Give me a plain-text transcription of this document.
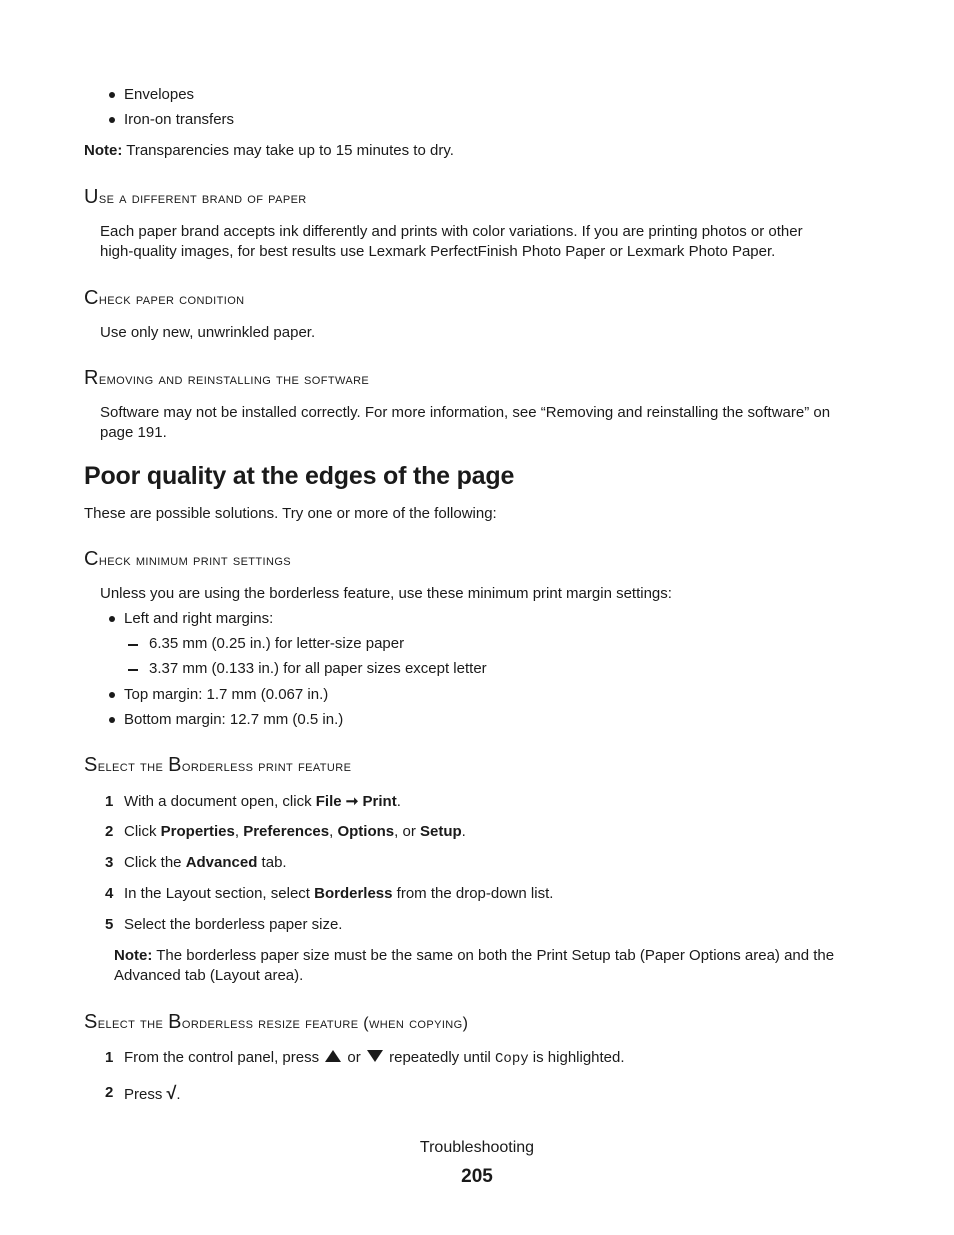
Envelopes
Iron-on transfers
Note: Transparencies may take up to 15 minutes to dry.
Use a different brand of paper
Each paper brand accepts ink differently and prints with color variations. If you are printing photos or other
high-quality images, for best results use Lexmark PerfectFinish Photo Paper or Lexmark Photo Paper.
Check paper condition
Use only new, unwrinkled paper.
Removing and reinstalling the software
Software may not be installed correctly. For more information, see “Removing and reinstalling the software” on
page 191.
Poor quality at the edges of the page
These are possible solutions. Try one or more of the following:
Check minimum print settings
Unless you are using the borderless feature, use these minimum print margin settings:
Left and right margins:
6.35 mm (0.25 in.) for letter-size paper
3.37 mm (0.133 in.) for all paper sizes except letter
Top margin: 1.7 mm (0.067 in.)
Bottom margin: 12.7 mm (0.5 in.)
Select the Borderless print feature
1 With a document open, click File ➞ Print.
2 Click Properties, Preferences, Options, or Setup.
3 Click the Advanced tab.
4 In the Layout section, select Borderless from the drop-down list.
5 Select the borderless paper size.
Note: The borderless paper size must be the same on both the Print Setup tab (Paper Options area) and the
Advanced tab (Layout area).
Select the Borderless resize feature (when copying)
1 From the control panel, press  or  repeatedly until Copy is highlighted.
2 Press √.
Troubleshooting
205
